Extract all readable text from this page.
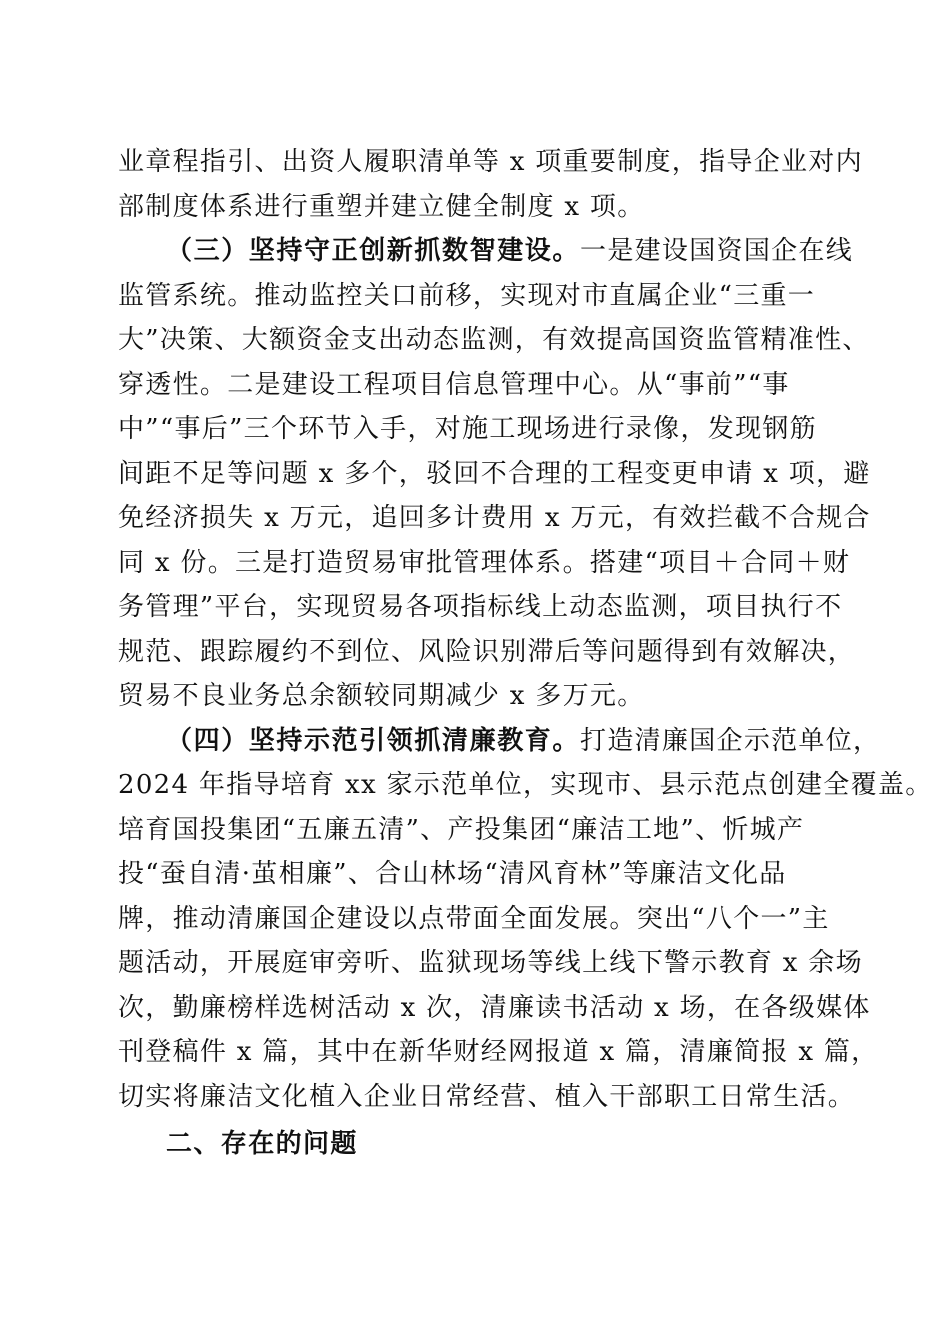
业章程指引、出资人履职清单等 x 项重要制度，指导企业对内
部制度体系进行重塑并建立健全制度 x 项。
（三）坚持守正创新抓数智建设。一是建设国资国企在线
监管系统。推动监控关口前移，实现对市直属企业“三重一
大”决策、大额资金支出动态监测，有效提高国资监管精准性、
穿透性。二是建设工程项目信息管理中心。从“事前”“事
中”“事后”三个环节入手，对施工现场进行录像，发现钢筋
间距不足等问题 x 多个，驳回不合理的工程变更申请 x 项，避
免经济损失 x 万元，追回多计费用 x 万元，有效拦截不合规合
同 x 份。三是打造贸易审批管理体系。搭建“项目＋合同＋财
务管理”平台，实现贸易各项指标线上动态监测，项目执行不
规范、跟踪履约不到位、风险识别滞后等问题得到有效解决，
贸易不良业务总余额较同期减少 x 多万元。
（四）坚持示范引领抓清廉教育。打造清廉国企示范单位，
2024 年指导培育 xx 家示范单位，实现市、县示范点创建全覆盖。
培育国投集团“五廉五清”、产投集团“廉洁工地”、忻城产
投“蚕自清·茧相廉”、合山林场“清风育林”等廉洁文化品
牌，推动清廉国企建设以点带面全面发展。突出“八个一”主
题活动，开展庭审旁听、监狱现场等线上线下警示教育 x 余场
次，勤廉榜样选树活动 x 次，清廉读书活动 x 场，在各级媒体
刊登稿件 x 篇，其中在新华财经网报道 x 篇，清廉简报 x 篇，
切实将廉洁文化植入企业日常经营、植入干部职工日常生活。
二、存在的问题
